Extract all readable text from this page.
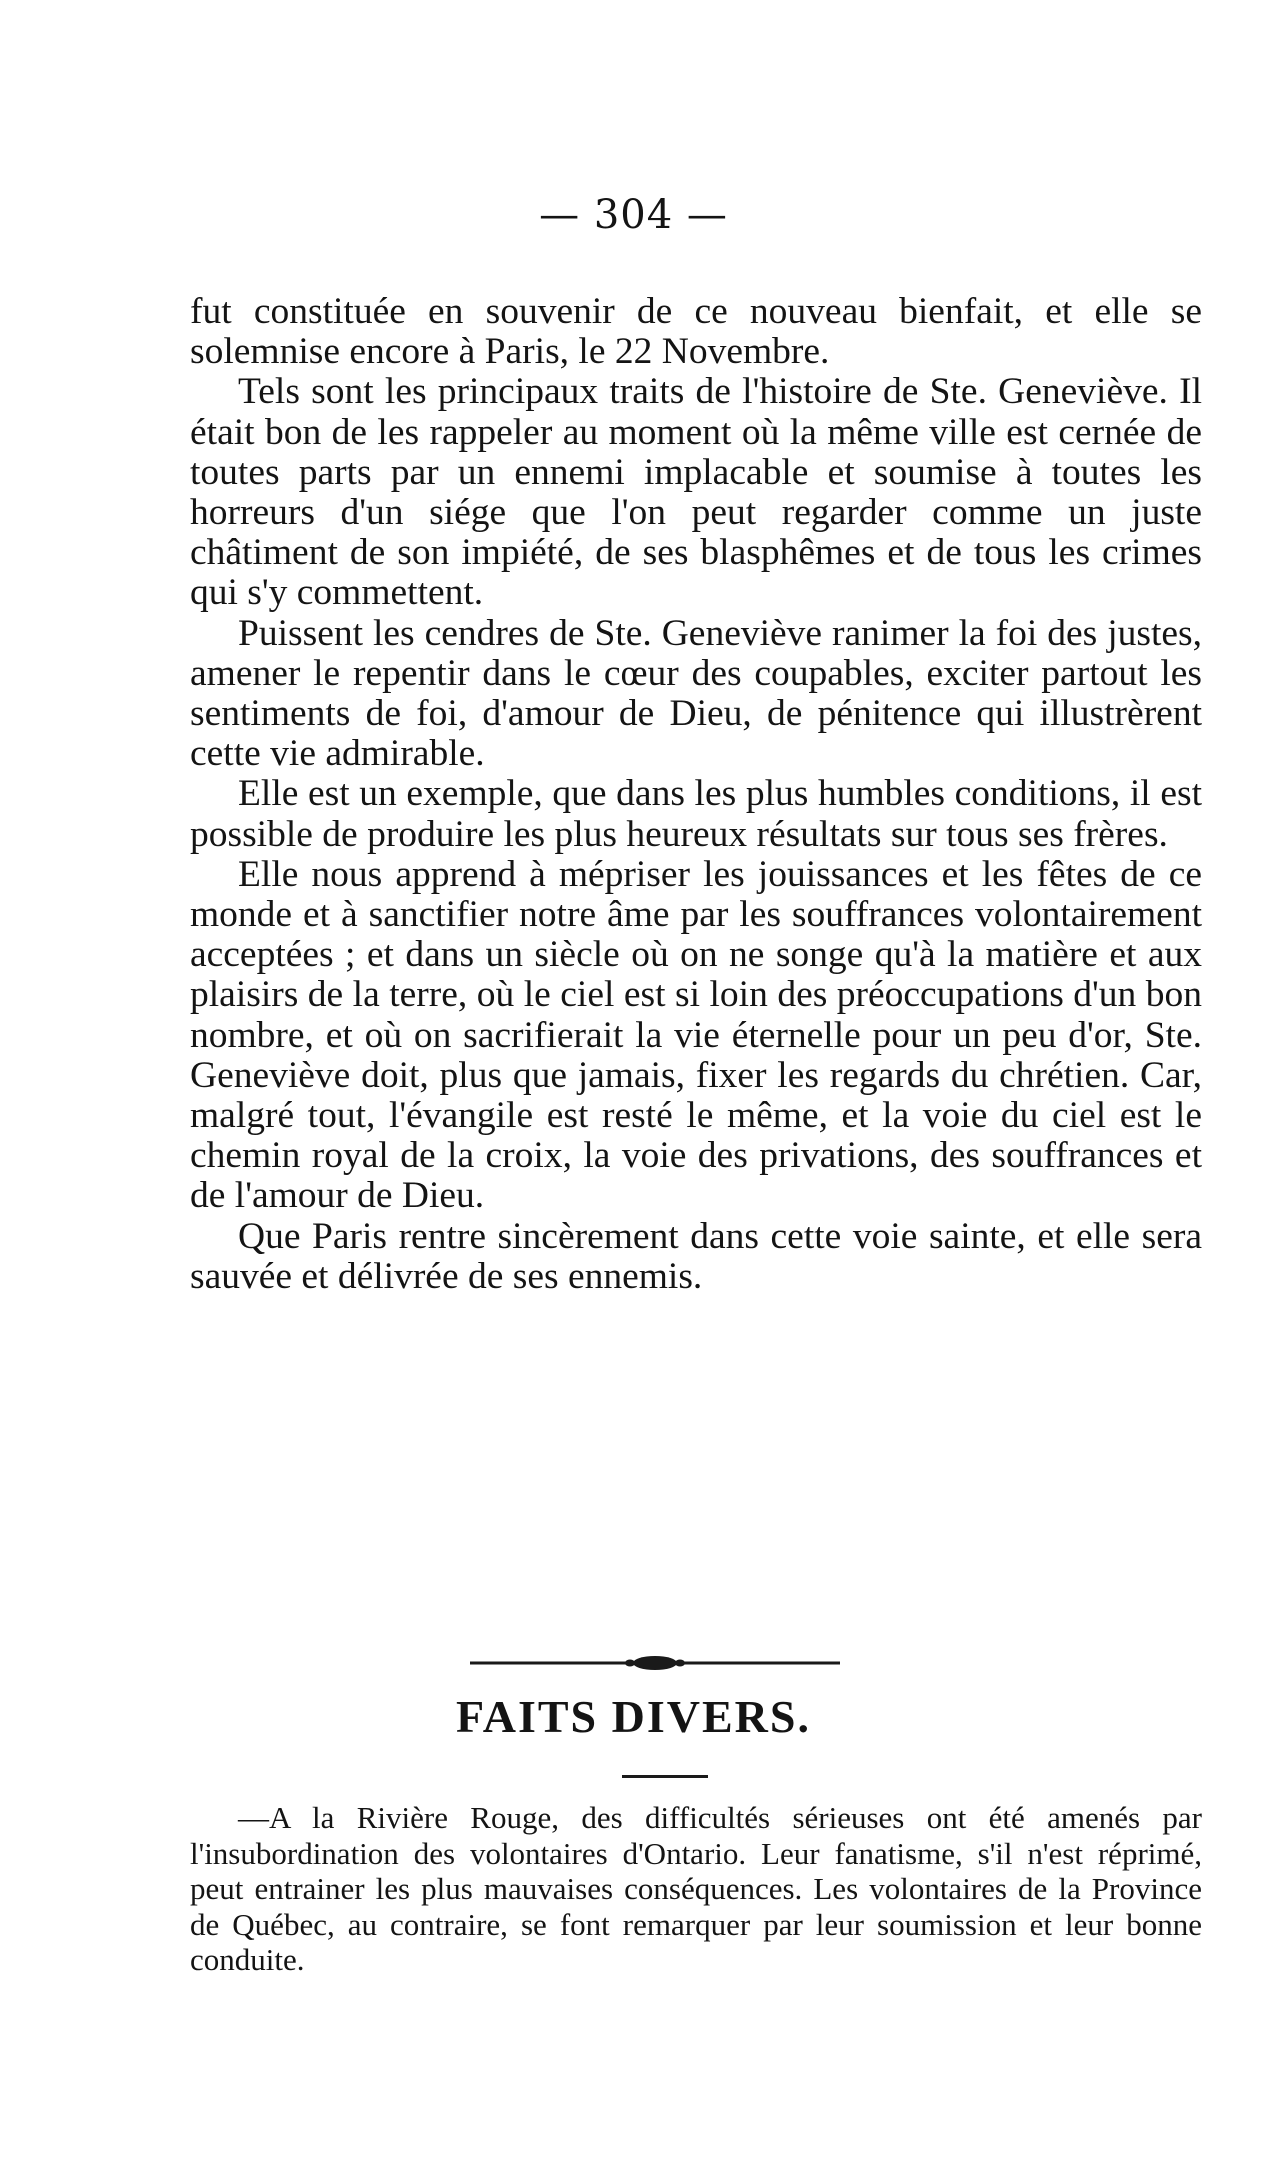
— 304 —

fut constituée en souvenir de ce nouveau bienfait, et elle se solemnise encore à Paris, le 22 Novembre.

Tels sont les principaux traits de l'histoire de Ste. Geneviève. Il était bon de les rappeler au moment où la même ville est cernée de toutes parts par un ennemi implacable et soumise à toutes les horreurs d'un siége que l'on peut regarder comme un juste châtiment de son impiété, de ses blasphêmes et de tous les crimes qui s'y commettent.

Puissent les cendres de Ste. Geneviève ranimer la foi des justes, amener le repentir dans le cœur des coupables, exciter partout les sentiments de foi, d'amour de Dieu, de pénitence qui illustrèrent cette vie admirable.

Elle est un exemple, que dans les plus humbles conditions, il est possible de produire les plus heureux résultats sur tous ses frères.

Elle nous apprend à mépriser les jouissances et les fêtes de ce monde et à sanctifier notre âme par les souffrances volontairement acceptées ; et dans un siècle où on ne songe qu'à la matière et aux plaisirs de la terre, où le ciel est si loin des préoccupations d'un bon nombre, et où on sacrifierait la vie éternelle pour un peu d'or, Ste. Geneviève doit, plus que jamais, fixer les regards du chrétien. Car, malgré tout, l'évangile est resté le même, et la voie du ciel est le chemin royal de la croix, la voie des privations, des souffrances et de l'amour de Dieu.

Que Paris rentre sincèrement dans cette voie sainte, et elle sera sauvée et délivrée de ses ennemis.

FAITS DIVERS.

—A la Rivière Rouge, des difficultés sérieuses ont été amenés par l'insubordination des volontaires d'Ontario. Leur fanatisme, s'il n'est réprimé, peut entrainer les plus mauvaises conséquences. Les volontaires de la Province de Québec, au contraire, se font remarquer par leur soumission et leur bonne conduite.
